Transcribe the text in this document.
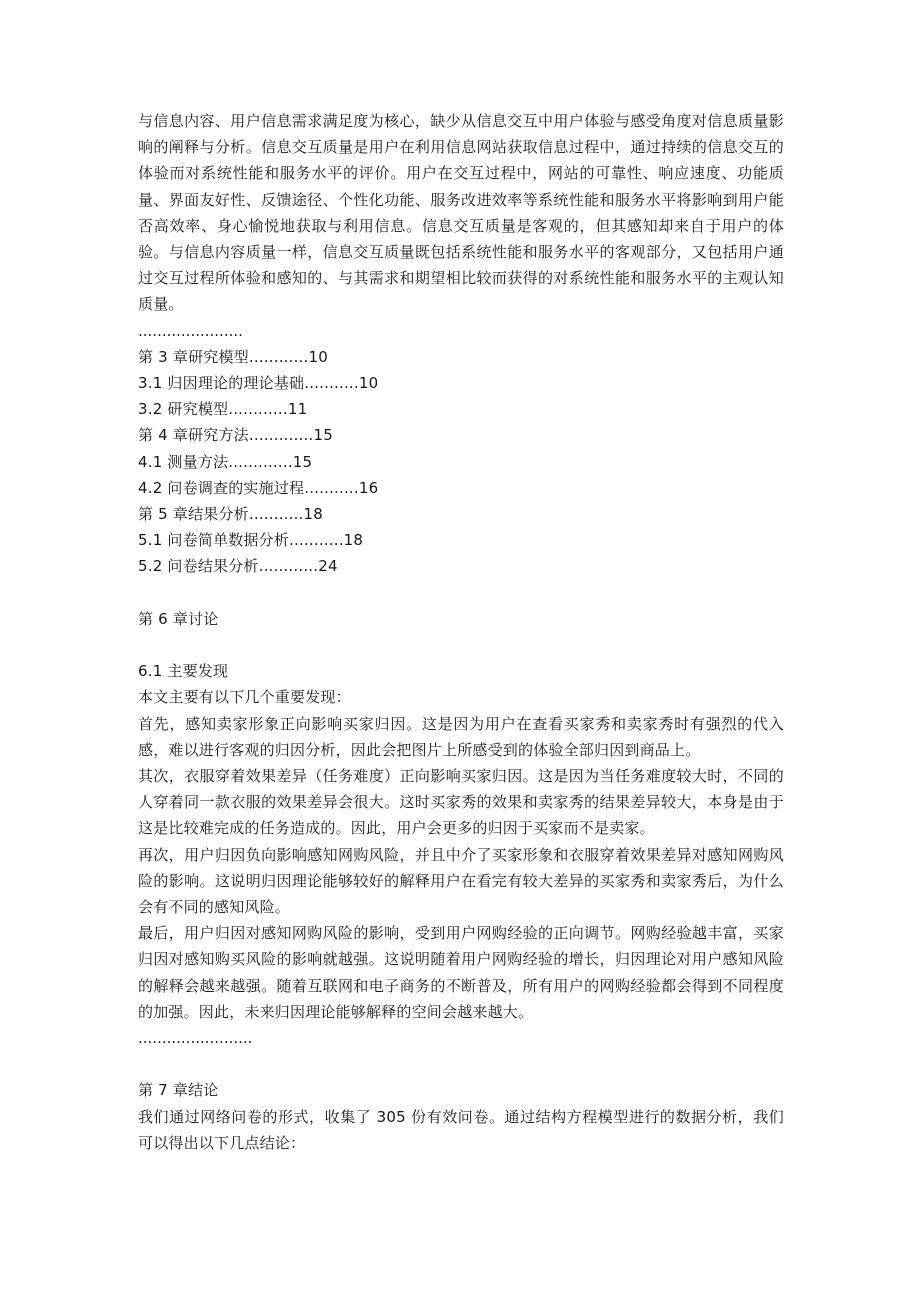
与信息内容、用户信息需求满足度为核心，缺少从信息交互中用户体验与感受角度对信息质量影响的阐释与分析。信息交互质量是用户在利用信息网站获取信息过程中，通过持续的信息交互的体验而对系统性能和服务水平的评价。用户在交互过程中，网站的可靠性、响应速度、功能质量、界面友好性、反馈途径、个性化功能、服务改进效率等系统性能和服务水平将影响到用户能否高效率、身心愉悦地获取与利用信息。信息交互质量是客观的，但其感知却来自于用户的体验。与信息内容质量一样，信息交互质量既包括系统性能和服务水平的客观部分，又包括用户通过交互过程所体验和感知的、与其需求和期望相比较而获得的对系统性能和服务水平的主观认知质量。

......................

第 3 章研究模型............10

3.1 归因理论的理论基础...........10

3.2 研究模型............11

第 4 章研究方法.............15

4.1 测量方法.............15

4.2 问卷调查的实施过程...........16

第 5 章结果分析...........18

5.1 问卷简单数据分析...........18

5.2 问卷结果分析............24

第 6 章讨论

6.1 主要发现

本文主要有以下几个重要发现：

首先，感知卖家形象正向影响买家归因。这是因为用户在查看买家秀和卖家秀时有强烈的代入感，难以进行客观的归因分析，因此会把图片上所感受到的体验全部归因到商品上。

其次，衣服穿着效果差异（任务难度）正向影响买家归因。这是因为当任务难度较大时，不同的人穿着同一款衣服的效果差异会很大。这时买家秀的效果和卖家秀的结果差异较大，本身是由于这是比较难完成的任务造成的。因此，用户会更多的归因于买家而不是卖家。

再次，用户归因负向影响感知网购风险，并且中介了买家形象和衣服穿着效果差异对感知网购风险的影响。这说明归因理论能够较好的解释用户在看完有较大差异的买家秀和卖家秀后，为什么会有不同的感知风险。

最后，用户归因对感知网购风险的影响，受到用户网购经验的正向调节。网购经验越丰富，买家归因对感知购买风险的影响就越强。这说明随着用户网购经验的增长，归因理论对用户感知风险的解释会越来越强。随着互联网和电子商务的不断普及，所有用户的网购经验都会得到不同程度的加强。因此，未来归因理论能够解释的空间会越来越大。

........................

第 7 章结论

我们通过网络问卷的形式，收集了 305 份有效问卷。通过结构方程模型进行的数据分析，我们可以得出以下几点结论：
